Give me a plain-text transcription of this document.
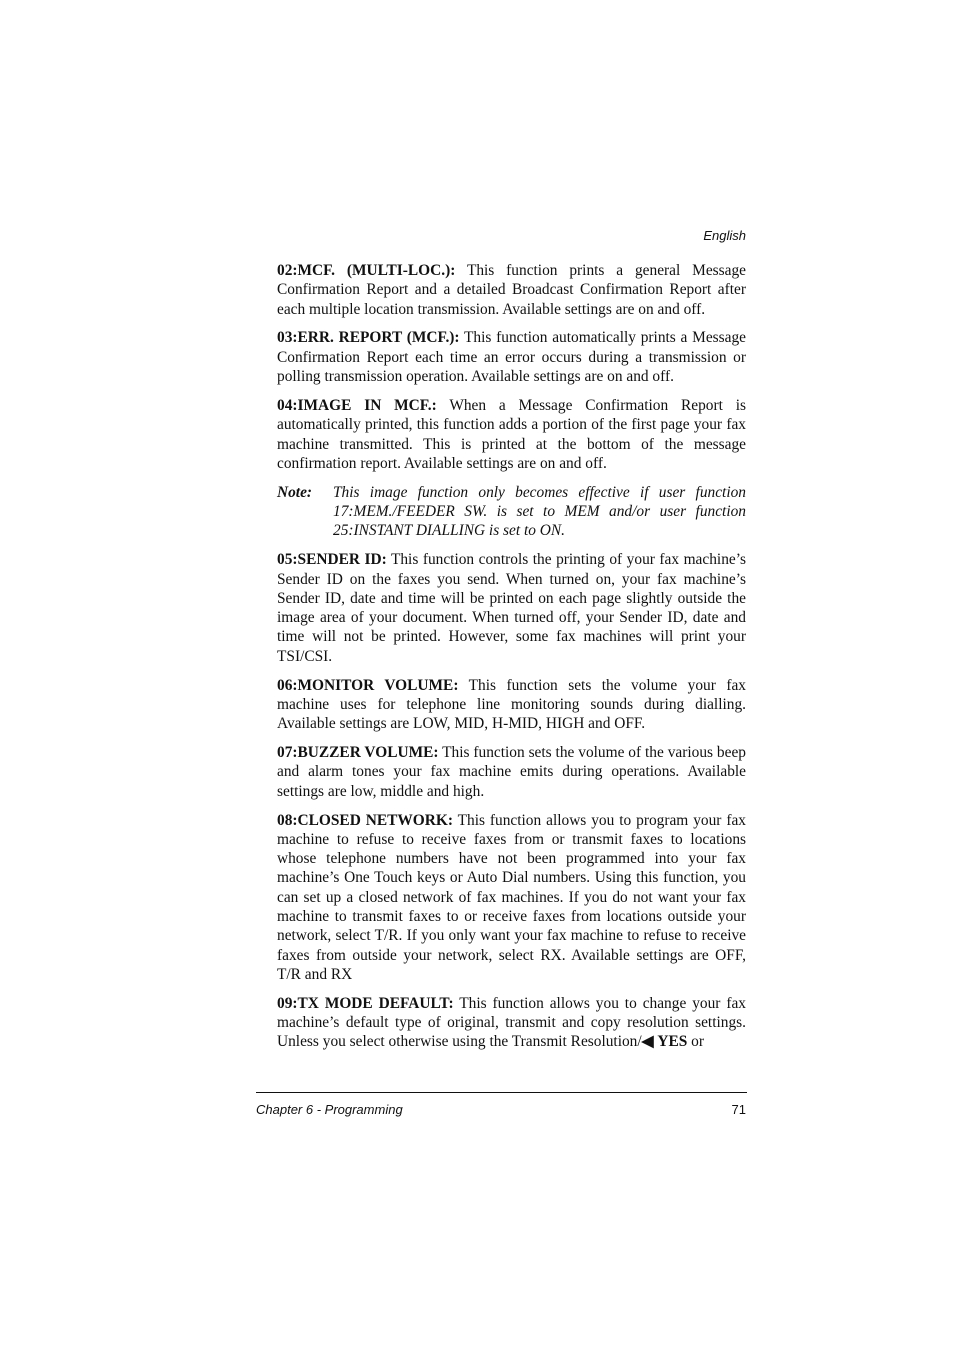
English

02:MCF. (MULTI-LOC.): This function prints a general Message Confirmation Report and a detailed Broadcast Confirmation Report after each multiple location transmission. Available settings are on and off.

03:ERR. REPORT (MCF.): This function automatically prints a Message Confirmation Report each time an error occurs during a transmission or polling transmission operation. Available settings are on and off.

04:IMAGE IN MCF.: When a Message Confirmation Report is automatically printed, this function adds a portion of the first page your fax machine transmitted. This is printed at the bottom of the message confirmation report. Available settings are on and off.

Note:	This image function only becomes effective if user function 17:MEM./FEEDER SW. is set to MEM and/or user function 25:INSTANT DIALLING is set to ON.

05:SENDER ID: This function controls the printing of your fax machine’s Sender ID on the faxes you send. When turned on, your fax machine’s Sender ID, date and time will be printed on each page slightly outside the image area of your document. When turned off, your Sender ID, date and time will not be printed. However, some fax machines will print your TSI/CSI.

06:MONITOR VOLUME: This function sets the volume your fax machine uses for telephone line monitoring sounds during dialling. Available settings are LOW, MID, H-MID, HIGH and OFF.

07:BUZZER VOLUME: This function sets the volume of the various beep and alarm tones your fax machine emits during operations. Available settings are low, middle and high.

08:CLOSED NETWORK: This function allows you to program your fax machine to refuse to receive faxes from or transmit faxes to locations whose telephone numbers have not been programmed into your fax machine’s One Touch keys or Auto Dial numbers. Using this function, you can set up a closed network of fax machines. If you do not want your fax machine to transmit faxes to or receive faxes from locations outside your network, select T/R. If you only want your fax machine to refuse to receive faxes from outside your network, select RX. Available settings are OFF, T/R and RX

09:TX MODE DEFAULT: This function allows you to change your fax machine’s default type of original, transmit and copy resolution settings. Unless you select otherwise using the Transmit Resolution/◀ YES or

Chapter 6 - Programming	71
